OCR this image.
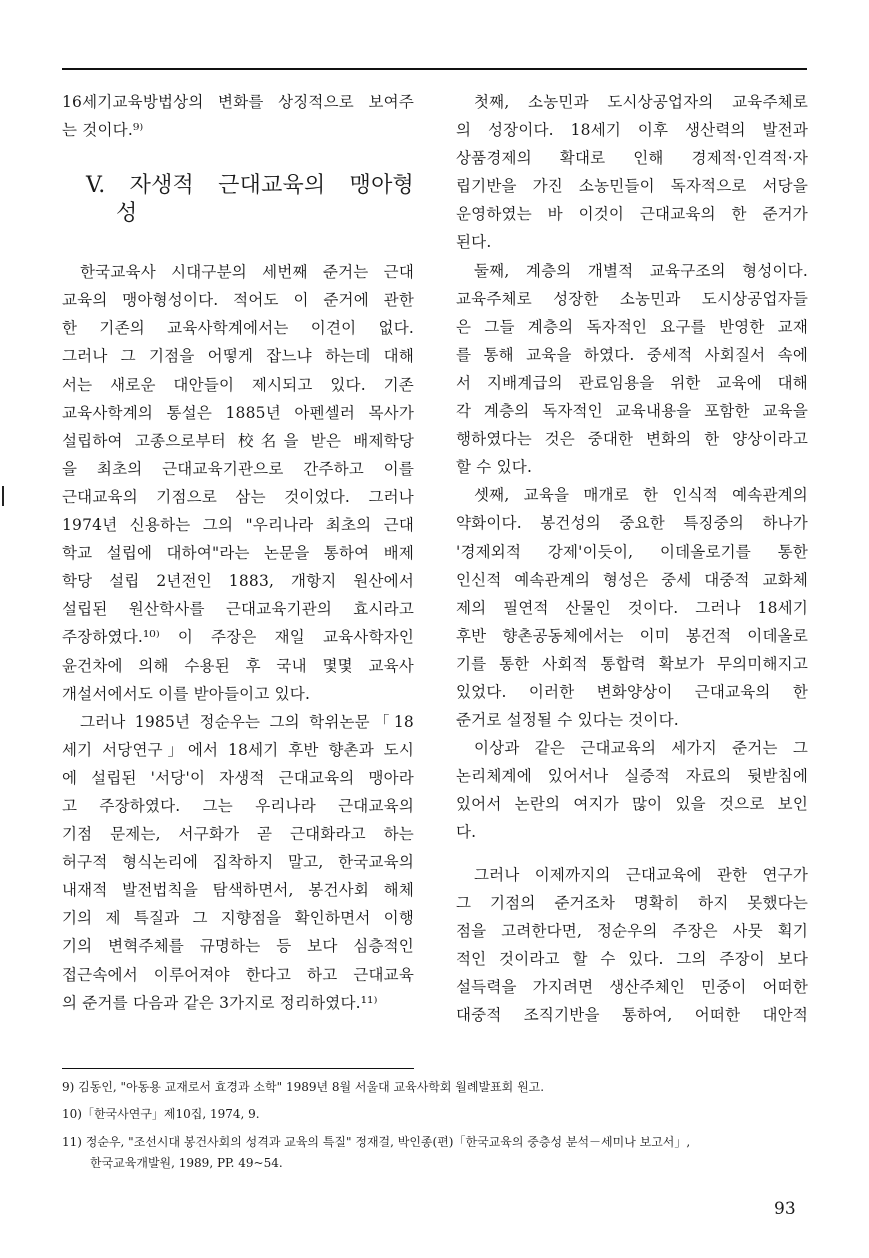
16세기교육방법상의 변화를 상징적으로 보여주

는 것이다.⁹⁾

V. 자생적 근대교육의 맹아형

성

한국교육사 시대구분의 세번째 준거는 근대

교육의 맹아형성이다. 적어도 이 준거에 관한

한 기존의 교육사학계에서는 이견이 없다.

그러나 그 기점을 어떻게 잡느냐 하는데 대해

서는 새로운 대안들이 제시되고 있다. 기존

교육사학계의 통설은 1885년 아펜셀러 목사가

설립하여 고종으로부터 校名을 받은 배제학당

을 최초의 근대교육기관으로 간주하고 이를

근대교육의 기점으로 삼는 것이었다. 그러나

1974년 신용하는 그의 "우리나라 최초의 근대

학교 설립에 대하여"라는 논문을 통하여 배제

학당 설립 2년전인 1883, 개항지 원산에서

설립된 원산학사를 근대교육기관의 효시라고

주장하였다.¹⁰⁾ 이 주장은 재일 교육사학자인

윤건차에 의해 수용된 후 국내 몇몇 교육사

개설서에서도 이를 받아들이고 있다.

그러나 1985년 정순우는 그의 학위논문「18

세기 서당연구」에서 18세기 후반 향촌과 도시

에 설립된 '서당'이 자생적 근대교육의 맹아라

고 주장하였다. 그는 우리나라 근대교육의

기점 문제는, 서구화가 곧 근대화라고 하는

허구적 형식논리에 집착하지 말고, 한국교육의

내재적 발전법칙을 탐색하면서, 봉건사회 해체

기의 제 특질과 그 지향점을 확인하면서 이행

기의 변혁주체를 규명하는 등 보다 심층적인

접근속에서 이루어져야 한다고 하고 근대교육

의 준거를 다음과 같은 3가지로 정리하였다.¹¹⁾

첫째, 소농민과 도시상공업자의 교육주체로

의 성장이다. 18세기 이후 생산력의 발전과

상품경제의 확대로 인해 경제적·인격적·자

립기반을 가진 소농민들이 독자적으로 서당을

운영하였는 바 이것이 근대교육의 한 준거가

된다.

둘째, 계층의 개별적 교육구조의 형성이다.

교육주체로 성장한 소농민과 도시상공업자들

은 그들 계층의 독자적인 요구를 반영한 교재

를 통해 교육을 하였다. 중세적 사회질서 속에

서 지배계급의 관료임용을 위한 교육에 대해

각 계층의 독자적인 교육내용을 포함한 교육을

행하였다는 것은 중대한 변화의 한 양상이라고

할 수 있다.

셋째, 교육을 매개로 한 인식적 예속관계의

약화이다. 봉건성의 중요한 특징중의 하나가

'경제외적 강제'이듯이, 이데올로기를 통한

인신적 예속관계의 형성은 중세 대중적 교화체

제의 필연적 산물인 것이다. 그러나 18세기

후반 향촌공동체에서는 이미 봉건적 이데올로

기를 통한 사회적 통합력 확보가 무의미해지고

있었다. 이러한 변화양상이 근대교육의 한

준거로 설정될 수 있다는 것이다.

이상과 같은 근대교육의 세가지 준거는 그

논리체계에 있어서나 실증적 자료의 뒷받침에

있어서 논란의 여지가 많이 있을 것으로 보인

다.

그러나 이제까지의 근대교육에 관한 연구가

그 기점의 준거조차 명확히 하지 못했다는

점을 고려한다면, 정순우의 주장은 사뭇 획기

적인 것이라고 할 수 있다. 그의 주장이 보다

설득력을 가지려면 생산주체인 민중이 어떠한

대중적 조직기반을 통하여, 어떠한 대안적

9) 김동인, "아동용 교재로서 효경과 소학" 1989년 8월 서울대 교육사학회 월례발표회 원고.
10)「한국사연구」제10집, 1974, 9.
11) 정순우, "조선시대 봉건사회의 성격과 교육의 특질" 정재걸, 박인종(편)「한국교육의 중층성 분석－세미나 보고서」,
한국교육개발원, 1989, PP. 49~54.
93
